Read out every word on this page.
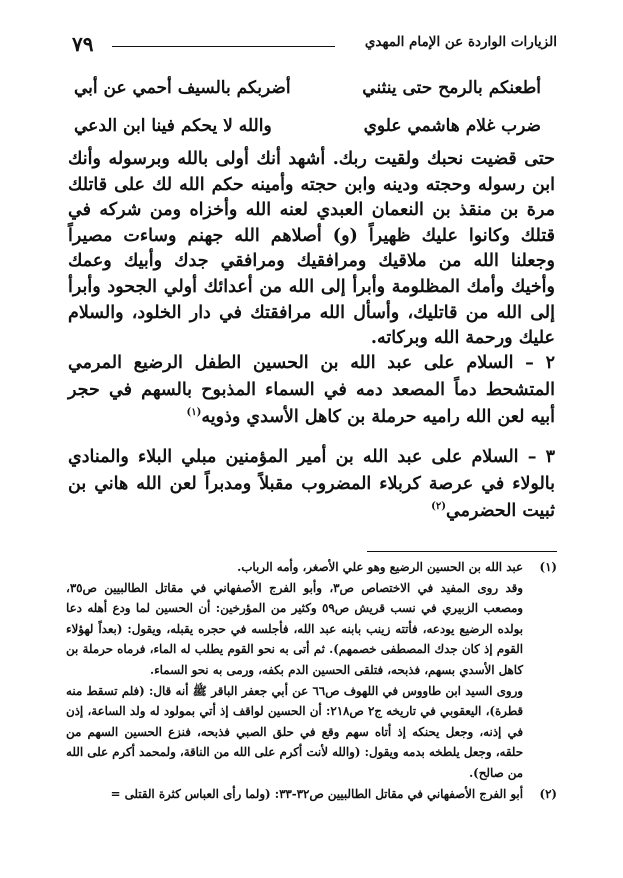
٧٩	الزيارات الواردة عن الإمام المهدي
أطعنكم بالرمح حتى ينثني
أضربكم بالسيف أحمي عن أبي
ضرب غلام هاشمي علوي
والله لا يحكم فينا ابن الدعي
حتى قضيت نحبك ولقيت ربك. أشهد أنك أولى بالله وبرسوله وأنك ابن رسوله وحجته ودينه وابن حجته وأمينه حكم الله لك على قاتلك مرة بن منقذ بن النعمان العبدي لعنه الله وأخزاه ومن شركه في قتلك وكانوا عليك ظهيراً (و) أصلاهم الله جهنم وساءت مصيراً وجعلنا الله من ملاقيك ومرافقيك ومرافقي جدك وأبيك وعمك وأخيك وأمك المظلومة وأبرأ إلى الله من أعدائك أولي الجحود وأبرأ إلى الله من قاتليك، وأسأل الله مرافقتك في دار الخلود، والسلام عليك ورحمة الله وبركاته.
٢ – السلام على عبد الله بن الحسين الطفل الرضيع المرمي المتشحط دماً المصعد دمه في السماء المذبوح بالسهم في حجر أبيه لعن الله راميه حرملة بن كاهل الأسدي وذويه$^{(١)}$
٣ – السلام على عبد الله بن أمير المؤمنين مبلي البلاء والمنادي بالولاء في عرصة كربلاء المضروب مقبلاً ومدبراً لعن الله هاني بن ثبيت الحضرمي$^{(٢)}$
(١)

عبد الله بن الحسين الرضيع وهو علي الأصغر، وأمه الرباب.

وقد روى المفيد في الاختصاص ص٣، وأبو الفرج الأصفهاني في مقاتل الطالبيين ص٣٥، ومصعب الزبيري في نسب قريش ص٥٩ وكثير من المؤرخين: أن الحسين لما ودع أهله دعا بولده الرضيع يودعه، فأتته زينب بابنه عبد الله، فأجلسه في حجره يقبله، ويقول: (بعداً لهؤلاء القوم إذ كان جدك المصطفى خصمهم). ثم أتى به نحو القوم يطلب له الماء، فرماه حرملة بن كاهل الأسدي بسهم، فذبحه، فتلقى الحسين الدم بكفه، ورمى به نحو السماء.

وروى السيد ابن طاووس في اللهوف ص٦٦ عن أبي جعفر الباقر ﷺ أنه قال: (فلم تسقط منه قطرة)، اليعقوبي في تاريخه ج٢ ص٢١٨: أن الحسين لواقف إذ أتي بمولود له ولد الساعة، إذن في إذنه، وجعل يحنكه إذ أتاه سهم وقع في حلق الصبي فذبحه، فنزع الحسين السهم من حلقه، وجعل يلطخه بدمه ويقول: (والله لأنت أكرم على الله من الناقة، ولمحمد أكرم على الله من صالح).

(٢)

أبو الفرج الأصفهاني في مقاتل الطالبيين ص٣٢-٣٣: (ولما رأى العباس كثرة القتلى =
